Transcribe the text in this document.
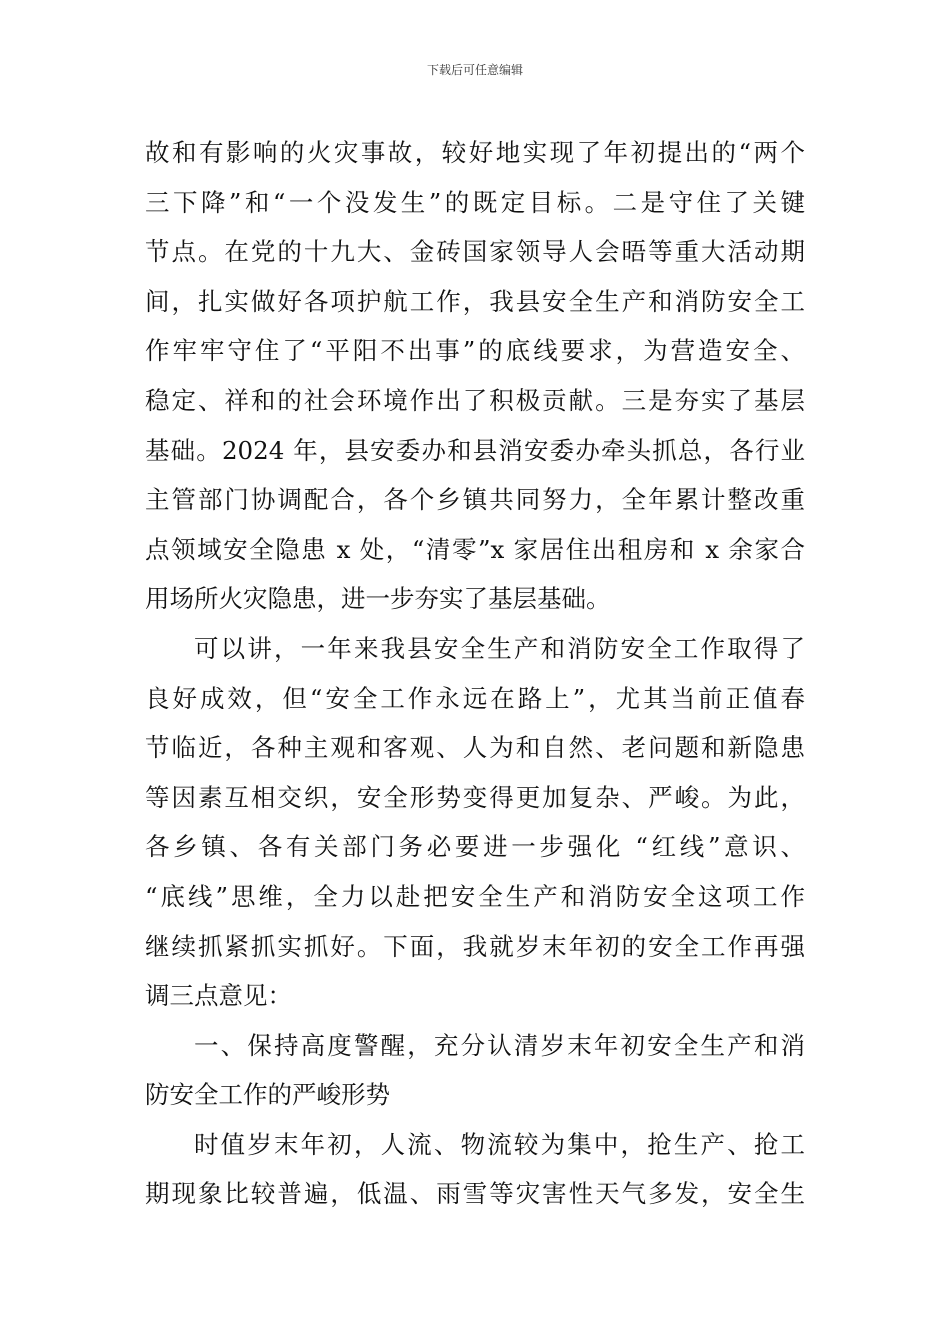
下载后可任意编辑
故和有影响的火灾事故，较好地实现了年初提出的“两个
三下降”和“一个没发生”的既定目标。二是守住了关键
节点。在党的十九大、金砖国家领导人会晤等重大活动期
间，扎实做好各项护航工作，我县安全生产和消防安全工
作牢牢守住了“平阳不出事”的底线要求，为营造安全、
稳定、祥和的社会环境作出了积极贡献。三是夯实了基层
基础。2024 年，县安委办和县消安委办牵头抓总，各行业
主管部门协调配合，各个乡镇共同努力，全年累计整改重
点领域安全隐患 x 处，“清零”x 家居住出租房和 x 余家合
用场所火灾隐患，进一步夯实了基层基础。
可以讲，一年来我县安全生产和消防安全工作取得了
良好成效，但“安全工作永远在路上”，尤其当前正值春
节临近，各种主观和客观、人为和自然、老问题和新隐患
等因素互相交织，安全形势变得更加复杂、严峻。为此，
各乡镇、各有关部门务必要进一步强化 “红线”意识、
“底线”思维，全力以赴把安全生产和消防安全这项工作
继续抓紧抓实抓好。下面，我就岁末年初的安全工作再强
调三点意见：
一、保持高度警醒，充分认清岁末年初安全生产和消
防安全工作的严峻形势
时值岁末年初，人流、物流较为集中，抢生产、抢工
期现象比较普遍，低温、雨雪等灾害性天气多发，安全生
